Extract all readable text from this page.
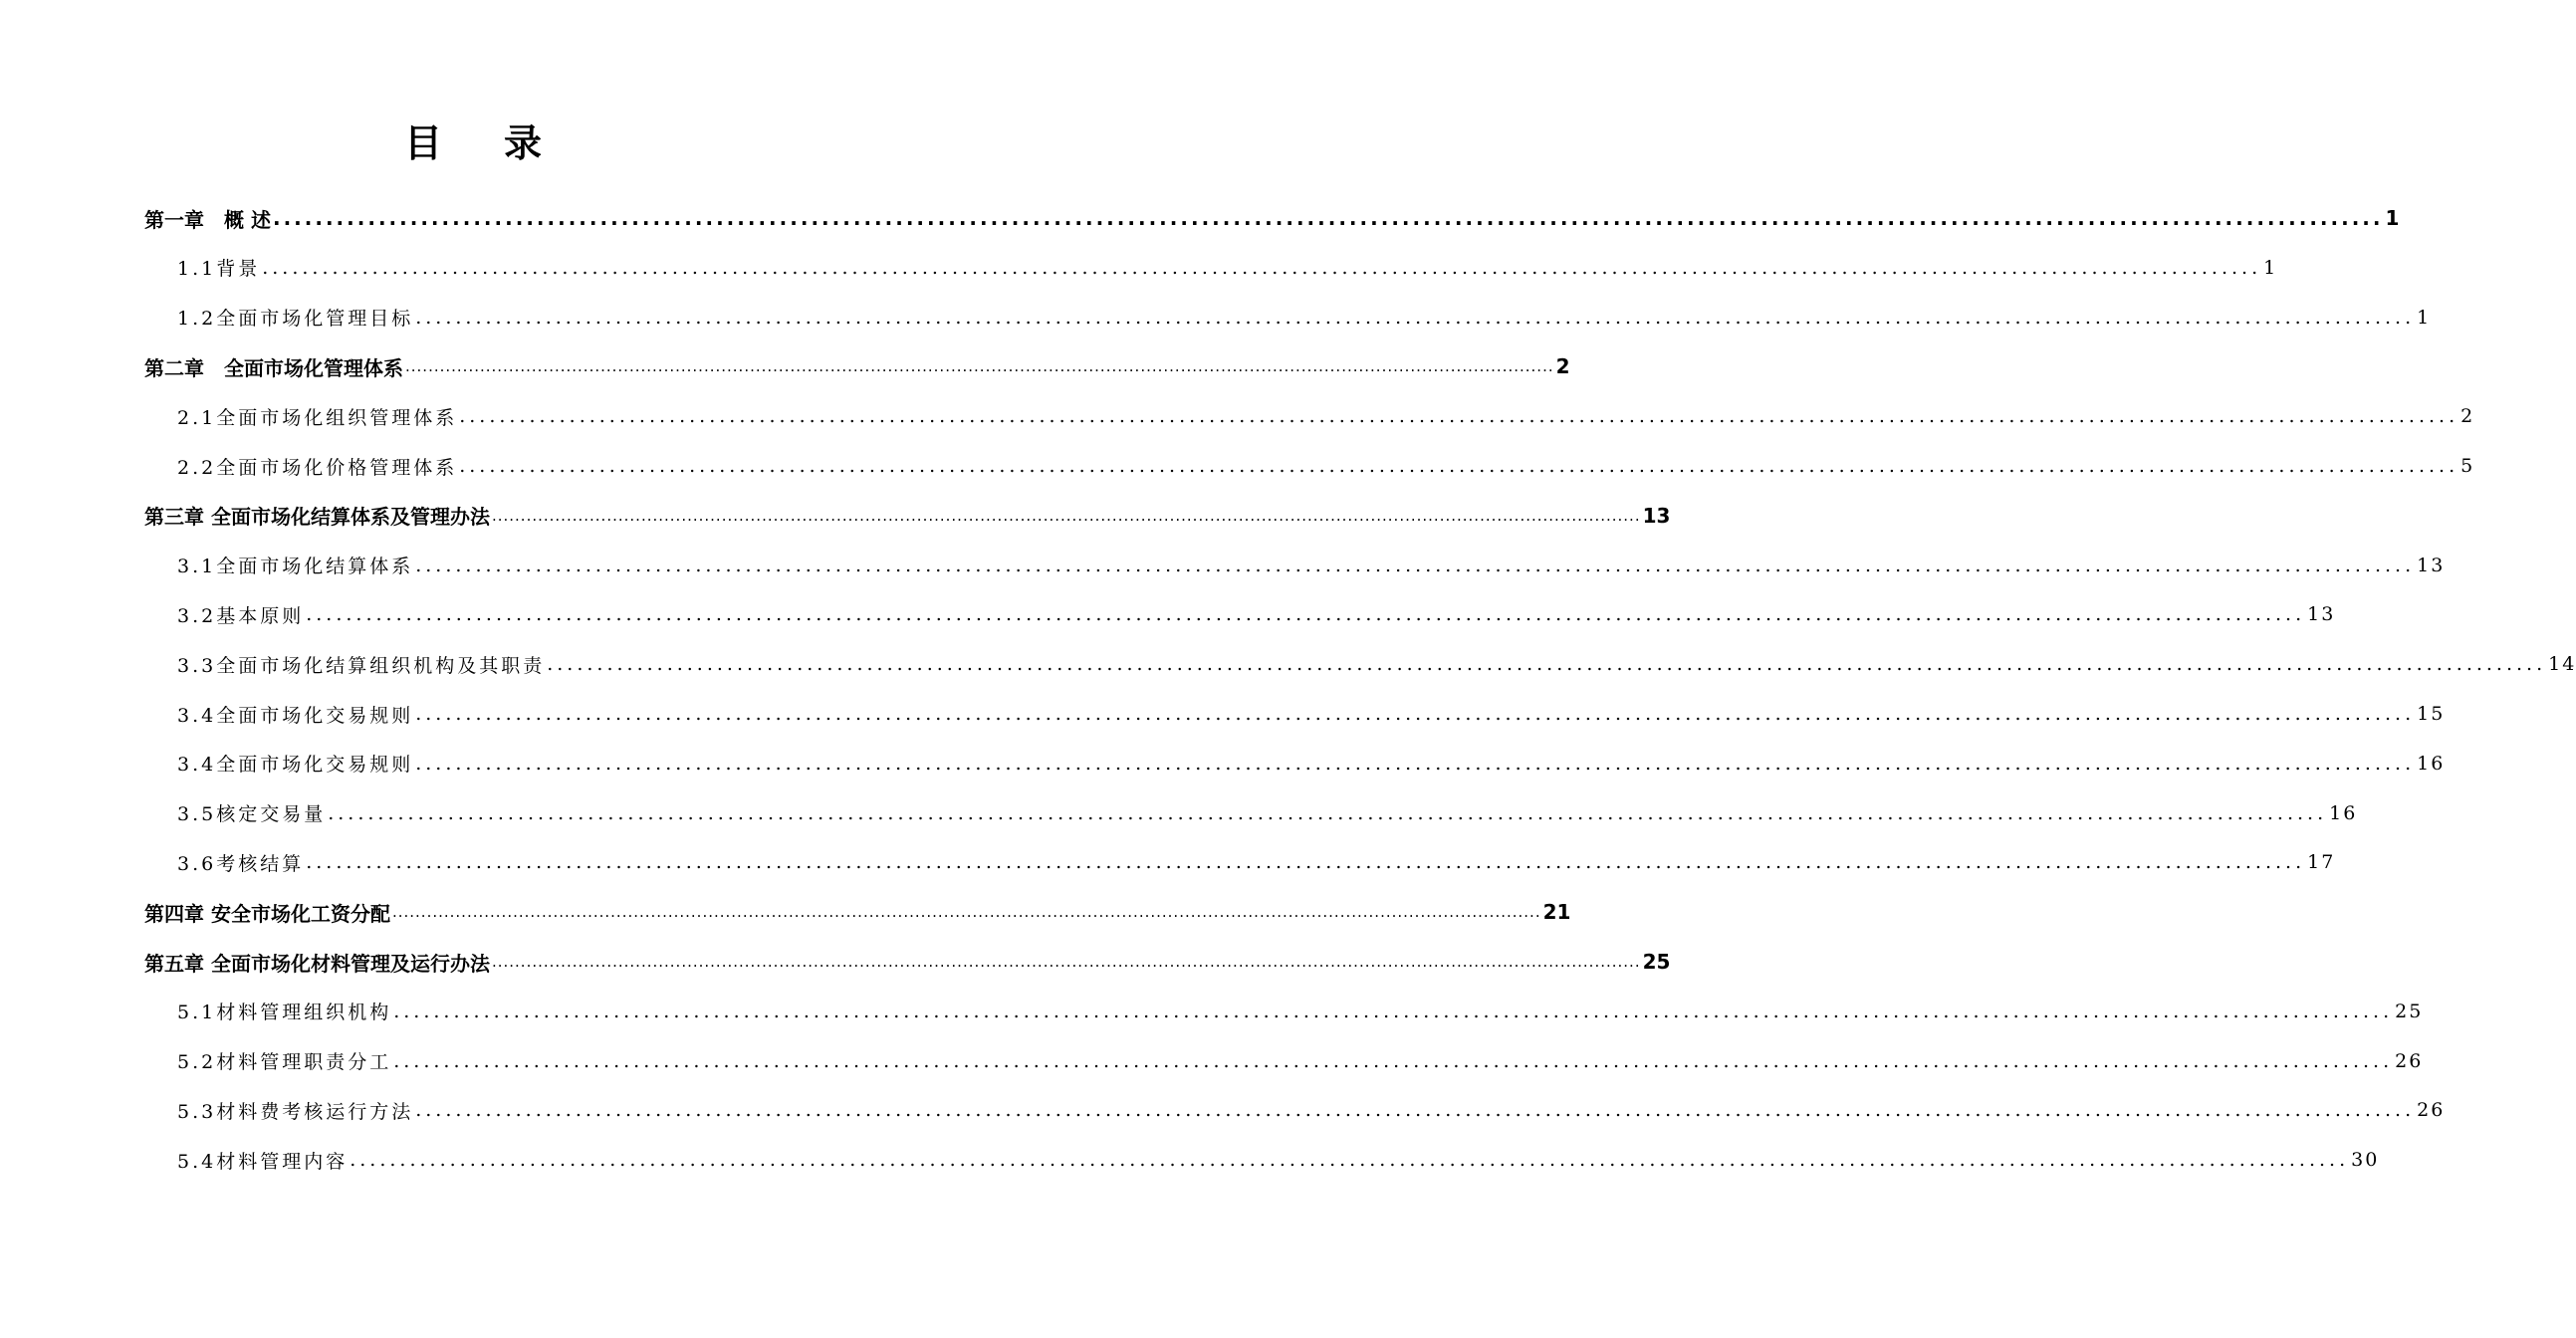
目 录
第一章　概 述 ........................................................................................................................................................................................................ 1
1.1背景 ........................................................................................................................................................................................................ 1
1.2全面市场化管理目标 ........................................................................................................................................................................................................ 1
第二章　全面市场化管理体系 ........................................................................................................................................................................................................ 2
2.1全面市场化组织管理体系 ........................................................................................................................................................................................................ 2
2.2全面市场化价格管理体系 ........................................................................................................................................................................................................ 5
第三章 全面市场化结算体系及管理办法 ........................................................................................................................................................................................................ 13
3.1全面市场化结算体系 ........................................................................................................................................................................................................ 13
3.2基本原则 ........................................................................................................................................................................................................ 13
3.3全面市场化结算组织机构及其职责 ........................................................................................................................................................................................................ 14
3.4全面市场化交易规则 ........................................................................................................................................................................................................ 15
3.4全面市场化交易规则 ........................................................................................................................................................................................................ 16
3.5核定交易量 ........................................................................................................................................................................................................ 16
3.6考核结算 ........................................................................................................................................................................................................ 17
第四章 安全市场化工资分配 ........................................................................................................................................................................................................ 21
第五章 全面市场化材料管理及运行办法 ........................................................................................................................................................................................................ 25
5.1材料管理组织机构 ........................................................................................................................................................................................................ 25
5.2材料管理职责分工 ........................................................................................................................................................................................................ 26
5.3材料费考核运行方法 ........................................................................................................................................................................................................ 26
5.4材料管理内容 ........................................................................................................................................................................................................ 30
